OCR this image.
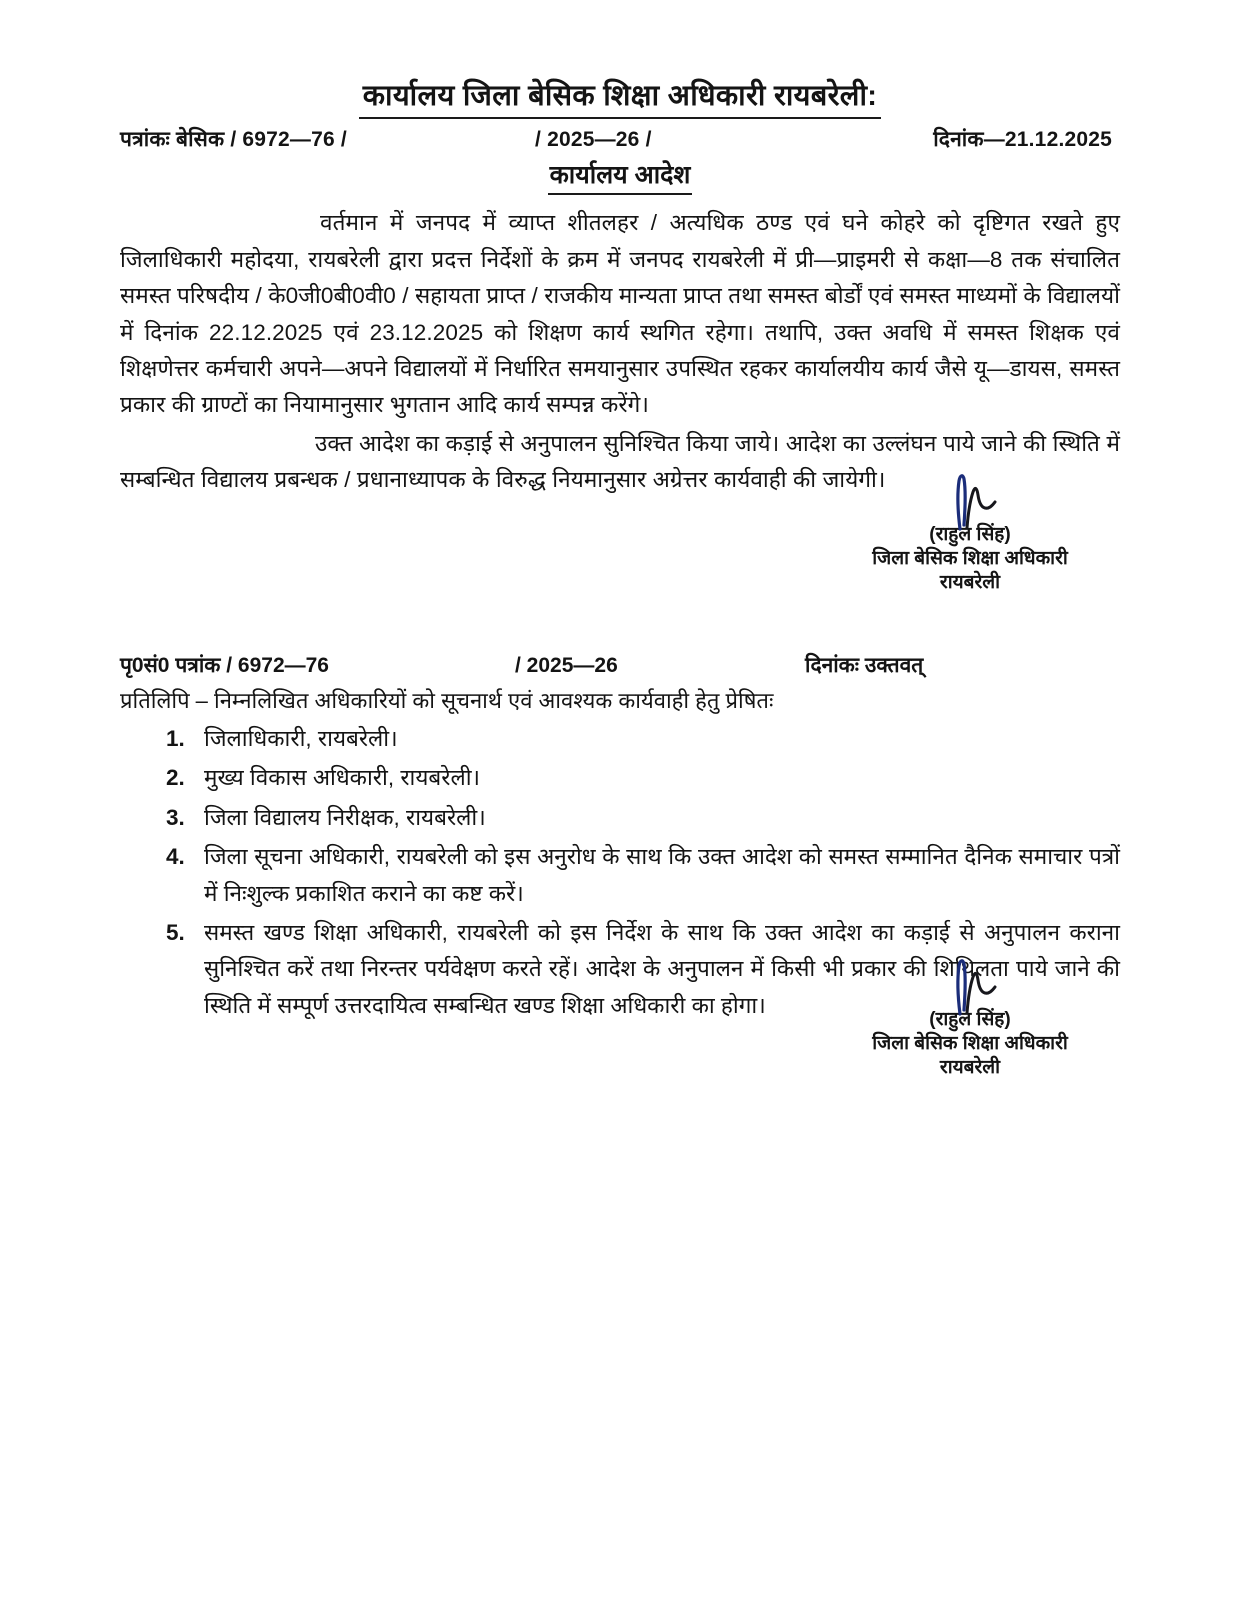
कार्यालय जिला बेसिक शिक्षा अधिकारी रायबरेली:
पत्रांकः बेसिक / 6972—76 /	/ 2025—26 /	दिनांक—21.12.2025
कार्यालय आदेश

वर्तमान में जनपद में व्याप्त शीतलहर / अत्यधिक ठण्ड एवं घने कोहरे को दृष्टिगत रखते हुए जिलाधिकारी महोदया, रायबरेली द्वारा प्रदत्त निर्देशों के क्रम में जनपद रायबरेली में प्री—प्राइमरी से कक्षा—8 तक संचालित समस्त परिषदीय / के0जी0बी0वी0 / सहायता प्राप्त / राजकीय मान्यता प्राप्त तथा समस्त बोर्डों एवं समस्त माध्यमों के विद्यालयों में दिनांक 22.12.2025 एवं 23.12.2025 को शिक्षण कार्य स्थगित रहेगा। तथापि, उक्त अवधि में समस्त शिक्षक एवं शिक्षणेत्तर कर्मचारी अपने—अपने विद्यालयों में निर्धारित समयानुसार उपस्थित रहकर कार्यालयीय कार्य जैसे यू—डायस, समस्त प्रकार की ग्राण्टों का नियामानुसार भुगतान आदि कार्य सम्पन्न करेंगे।

उक्त आदेश का कड़ाई से अनुपालन सुनिश्चित किया जाये। आदेश का उल्लंघन पाये जाने की स्थिति में सम्बन्धित विद्यालय प्रबन्धक / प्रधानाध्यापक के विरुद्ध नियमानुसार अग्रेत्तर कार्यवाही की जायेगी।

(राहुल सिंह)
जिला बेसिक शिक्षा अधिकारी
रायबरेली
पृ0सं0 पत्रांक / 6972—76	/ 2025—26	दिनांकः उक्तवत्
प्रतिलिपि – निम्नलिखित अधिकारियों को सूचनार्थ एवं आवश्यक कार्यवाही हेतु प्रेषितः
जिलाधिकारी, रायबरेली।
मुख्य विकास अधिकारी, रायबरेली।
जिला विद्यालय निरीक्षक, रायबरेली।
जिला सूचना अधिकारी, रायबरेली को इस अनुरोध के साथ कि उक्त आदेश को समस्त सम्मानित दैनिक समाचार पत्रों में निःशुल्क प्रकाशित कराने का कष्ट करें।
समस्त खण्ड शिक्षा अधिकारी, रायबरेली को इस निर्देश के साथ कि उक्त आदेश का कड़ाई से अनुपालन कराना सुनिश्चित करें तथा निरन्तर पर्यवेक्षण करते रहें। आदेश के अनुपालन में किसी भी प्रकार की शिथिलता पाये जाने की स्थिति में सम्पूर्ण उत्तरदायित्व सम्बन्धित खण्ड शिक्षा अधिकारी का होगा।
(राहुल सिंह)
जिला बेसिक शिक्षा अधिकारी
रायबरेली
